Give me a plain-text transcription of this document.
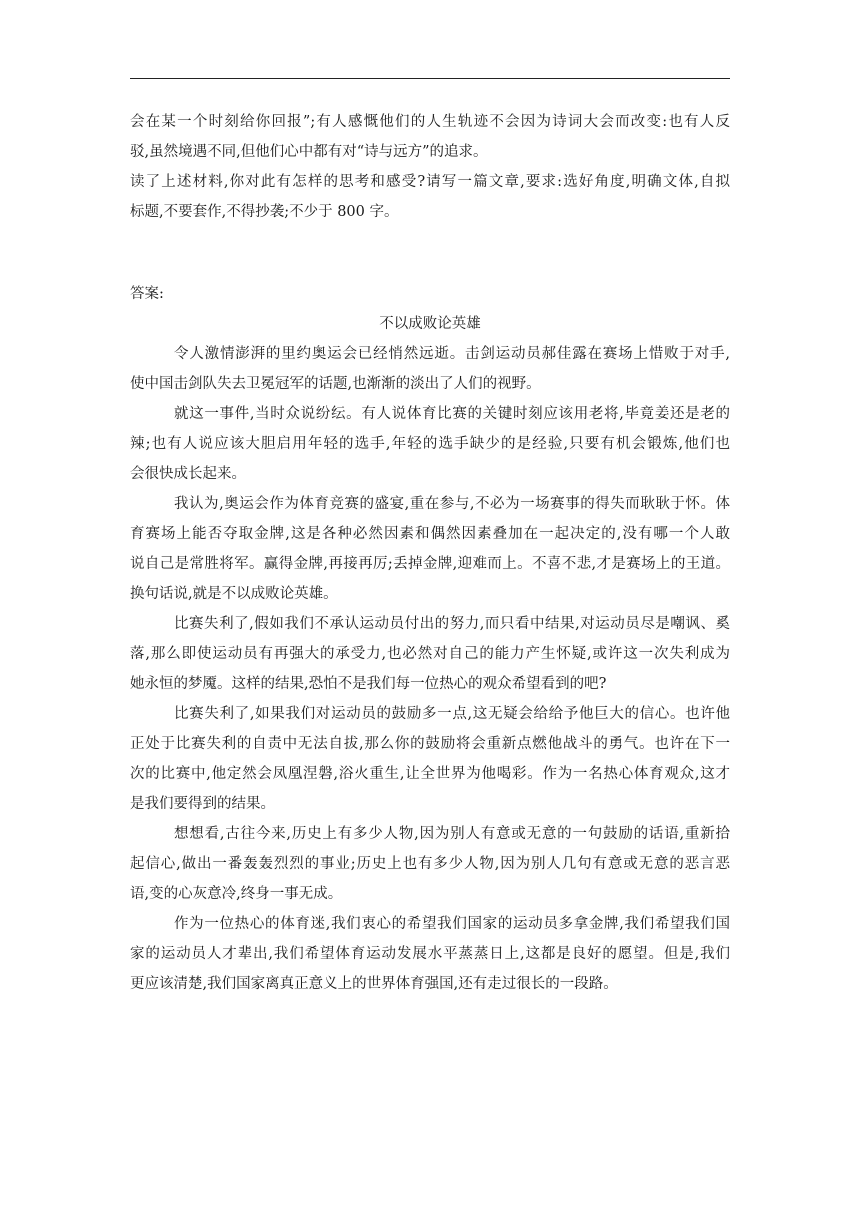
会在某一个时刻给你回报”;有人感慨他们的人生轨迹不会因为诗词大会而改变:也有人反
驳,虽然境遇不同,但他们心中都有对“诗与远方”的追求。
读了上述材料,你对此有怎样的思考和感受?请写一篇文章,要求:选好角度,明确文体,自拟
标题,不要套作,不得抄袭;不少于 800 字。
答案:
不以成败论英雄
令人激情澎湃的里约奥运会已经悄然远逝。击剑运动员郝佳露在赛场上惜败于对手,
使中国击剑队失去卫冕冠军的话题,也渐渐的淡出了人们的视野。
就这一事件,当时众说纷纭。有人说体育比赛的关键时刻应该用老将,毕竟姜还是老的
辣;也有人说应该大胆启用年轻的选手,年轻的选手缺少的是经验,只要有机会锻炼,他们也
会很快成长起来。
我认为,奥运会作为体育竞赛的盛宴,重在参与,不必为一场赛事的得失而耿耿于怀。体
育赛场上能否夺取金牌,这是各种必然因素和偶然因素叠加在一起决定的,没有哪一个人敢
说自己是常胜将军。赢得金牌,再接再厉;丢掉金牌,迎难而上。不喜不悲,才是赛场上的王道。
换句话说,就是不以成败论英雄。
比赛失利了,假如我们不承认运动员付出的努力,而只看中结果,对运动员尽是嘲讽、奚
落,那么即使运动员有再强大的承受力,也必然对自己的能力产生怀疑,或许这一次失利成为
她永恒的梦魇。这样的结果,恐怕不是我们每一位热心的观众希望看到的吧?
比赛失利了,如果我们对运动员的鼓励多一点,这无疑会给给予他巨大的信心。也许他
正处于比赛失利的自责中无法自拔,那么你的鼓励将会重新点燃他战斗的勇气。也许在下一
次的比赛中,他定然会凤凰涅磐,浴火重生,让全世界为他喝彩。作为一名热心体育观众,这才
是我们要得到的结果。
想想看,古往今来,历史上有多少人物,因为别人有意或无意的一句鼓励的话语,重新拾
起信心,做出一番轰轰烈烈的事业;历史上也有多少人物,因为别人几句有意或无意的恶言恶
语,变的心灰意冷,终身一事无成。
作为一位热心的体育迷,我们衷心的希望我们国家的运动员多拿金牌,我们希望我们国
家的运动员人才辈出,我们希望体育运动发展水平蒸蒸日上,这都是良好的愿望。但是,我们
更应该清楚,我们国家离真正意义上的世界体育强国,还有走过很长的一段路。
